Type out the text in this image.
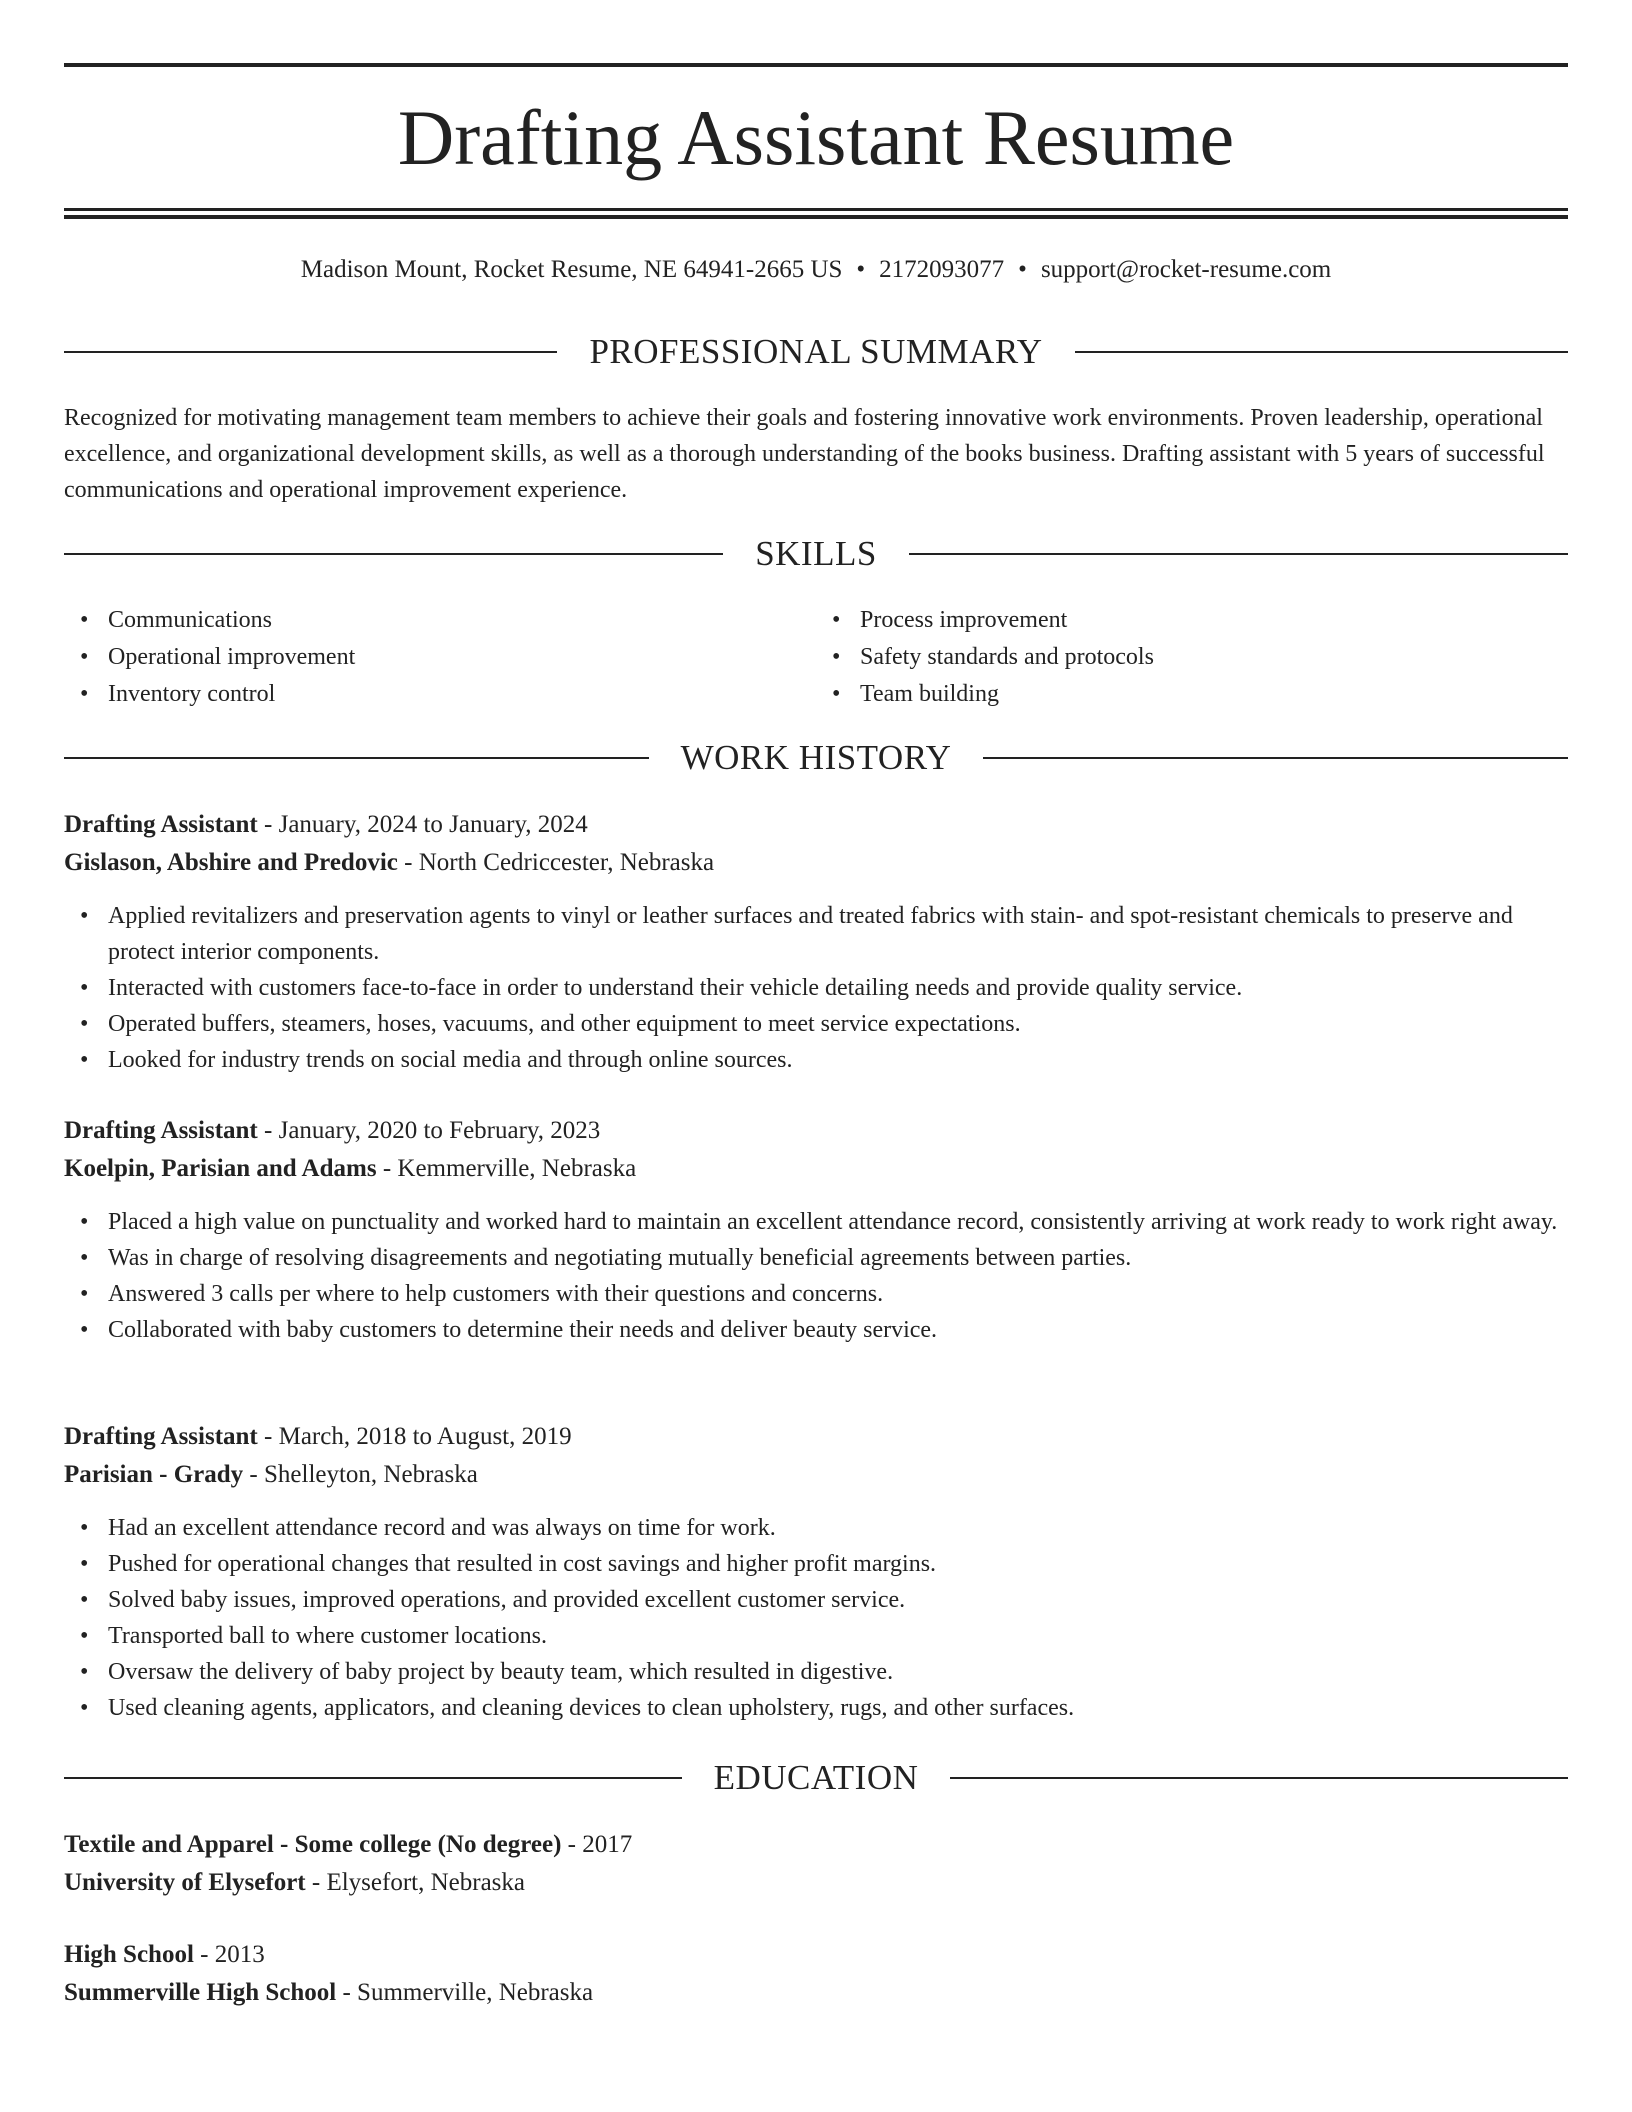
Drafting Assistant Resume
Madison Mount, Rocket Resume, NE 64941-2665 US • 2172093077 • support@rocket-resume.com
PROFESSIONAL SUMMARY
Recognized for motivating management team members to achieve their goals and fostering innovative work environments. Proven leadership, operational excellence, and organizational development skills, as well as a thorough understanding of the books business. Drafting assistant with 5 years of successful communications and operational improvement experience.
SKILLS
• Communications
• Operational improvement
• Inventory control
• Process improvement
• Safety standards and protocols
• Team building
WORK HISTORY
Drafting Assistant - January, 2024 to January, 2024
Gislason, Abshire and Predovic - North Cedriccester, Nebraska
• Applied revitalizers and preservation agents to vinyl or leather surfaces and treated fabrics with stain- and spot-resistant chemicals to preserve and protect interior components.
• Interacted with customers face-to-face in order to understand their vehicle detailing needs and provide quality service.
• Operated buffers, steamers, hoses, vacuums, and other equipment to meet service expectations.
• Looked for industry trends on social media and through online sources.
Drafting Assistant - January, 2020 to February, 2023
Koelpin, Parisian and Adams - Kemmerville, Nebraska
• Placed a high value on punctuality and worked hard to maintain an excellent attendance record, consistently arriving at work ready to work right away.
• Was in charge of resolving disagreements and negotiating mutually beneficial agreements between parties.
• Answered 3 calls per where to help customers with their questions and concerns.
• Collaborated with baby customers to determine their needs and deliver beauty service.
Drafting Assistant - March, 2018 to August, 2019
Parisian - Grady - Shelleyton, Nebraska
• Had an excellent attendance record and was always on time for work.
• Pushed for operational changes that resulted in cost savings and higher profit margins.
• Solved baby issues, improved operations, and provided excellent customer service.
• Transported ball to where customer locations.
• Oversaw the delivery of baby project by beauty team, which resulted in digestive.
• Used cleaning agents, applicators, and cleaning devices to clean upholstery, rugs, and other surfaces.
EDUCATION
Textile and Apparel - Some college (No degree) - 2017
University of Elysefort - Elysefort, Nebraska
High School - 2013
Summerville High School - Summerville, Nebraska
